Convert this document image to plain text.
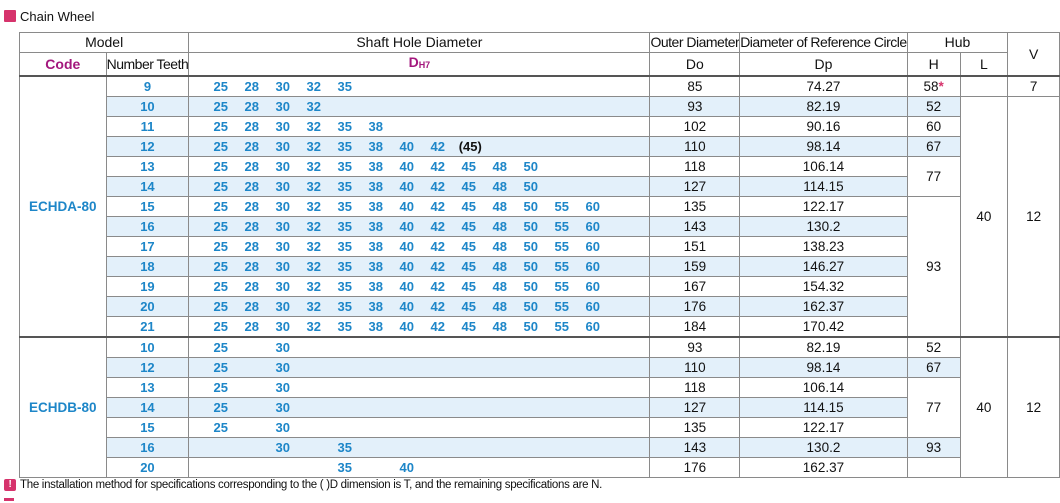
Chain Wheel
Model		Shaft Hole Diameter	Outer Diameter	Diameter of Reference Circle	Hub		V
Code	Number Teeth	DH7	Do	Dp	H	L	
ECHDA-80	9	25 28 30 32 35	85	74.27	58*		7
	10	25 28 30 32	93	82.19	52	40	12
	11	25 28 30 32 35 38	102	90.16	60		
	12	25 28 30 32 35 38 40 42 (45)	110	98.14	67		
	13	25 28 30 32 35 38 40 42 45 48 50	118	106.14	77		
	14	25 28 30 32 35 38 40 42 45 48 50	127	114.15			
	15	25 28 30 32 35 38 40 42 45 48 50 55 60	135	122.17	93		
	16	25 28 30 32 35 38 40 42 45 48 50 55 60	143	130.2			
	17	25 28 30 32 35 38 40 42 45 48 50 55 60	151	138.23			
	18	25 28 30 32 35 38 40 42 45 48 50 55 60	159	146.27			
	19	25 28 30 32 35 38 40 42 45 48 50 55 60	167	154.32			
	20	25 28 30 32 35 38 40 42 45 48 50 55 60	176	162.37			
	21	25 28 30 32 35 38 40 42 45 48 50 55 60	184	170.42			
ECHDB-80	10	25 30	93	82.19	52	40	12
	12	25 30	110	98.14	67		
	13	25 30	118	106.14	77		
	14	25 30	127	114.15			
	15	25 30	135	122.17			
	16	30 35	143	130.2	93		
	20	35 40	176	162.37			
! The installation method for specifications corresponding to the ( )D dimension is T, and the remaining specifications are N.
